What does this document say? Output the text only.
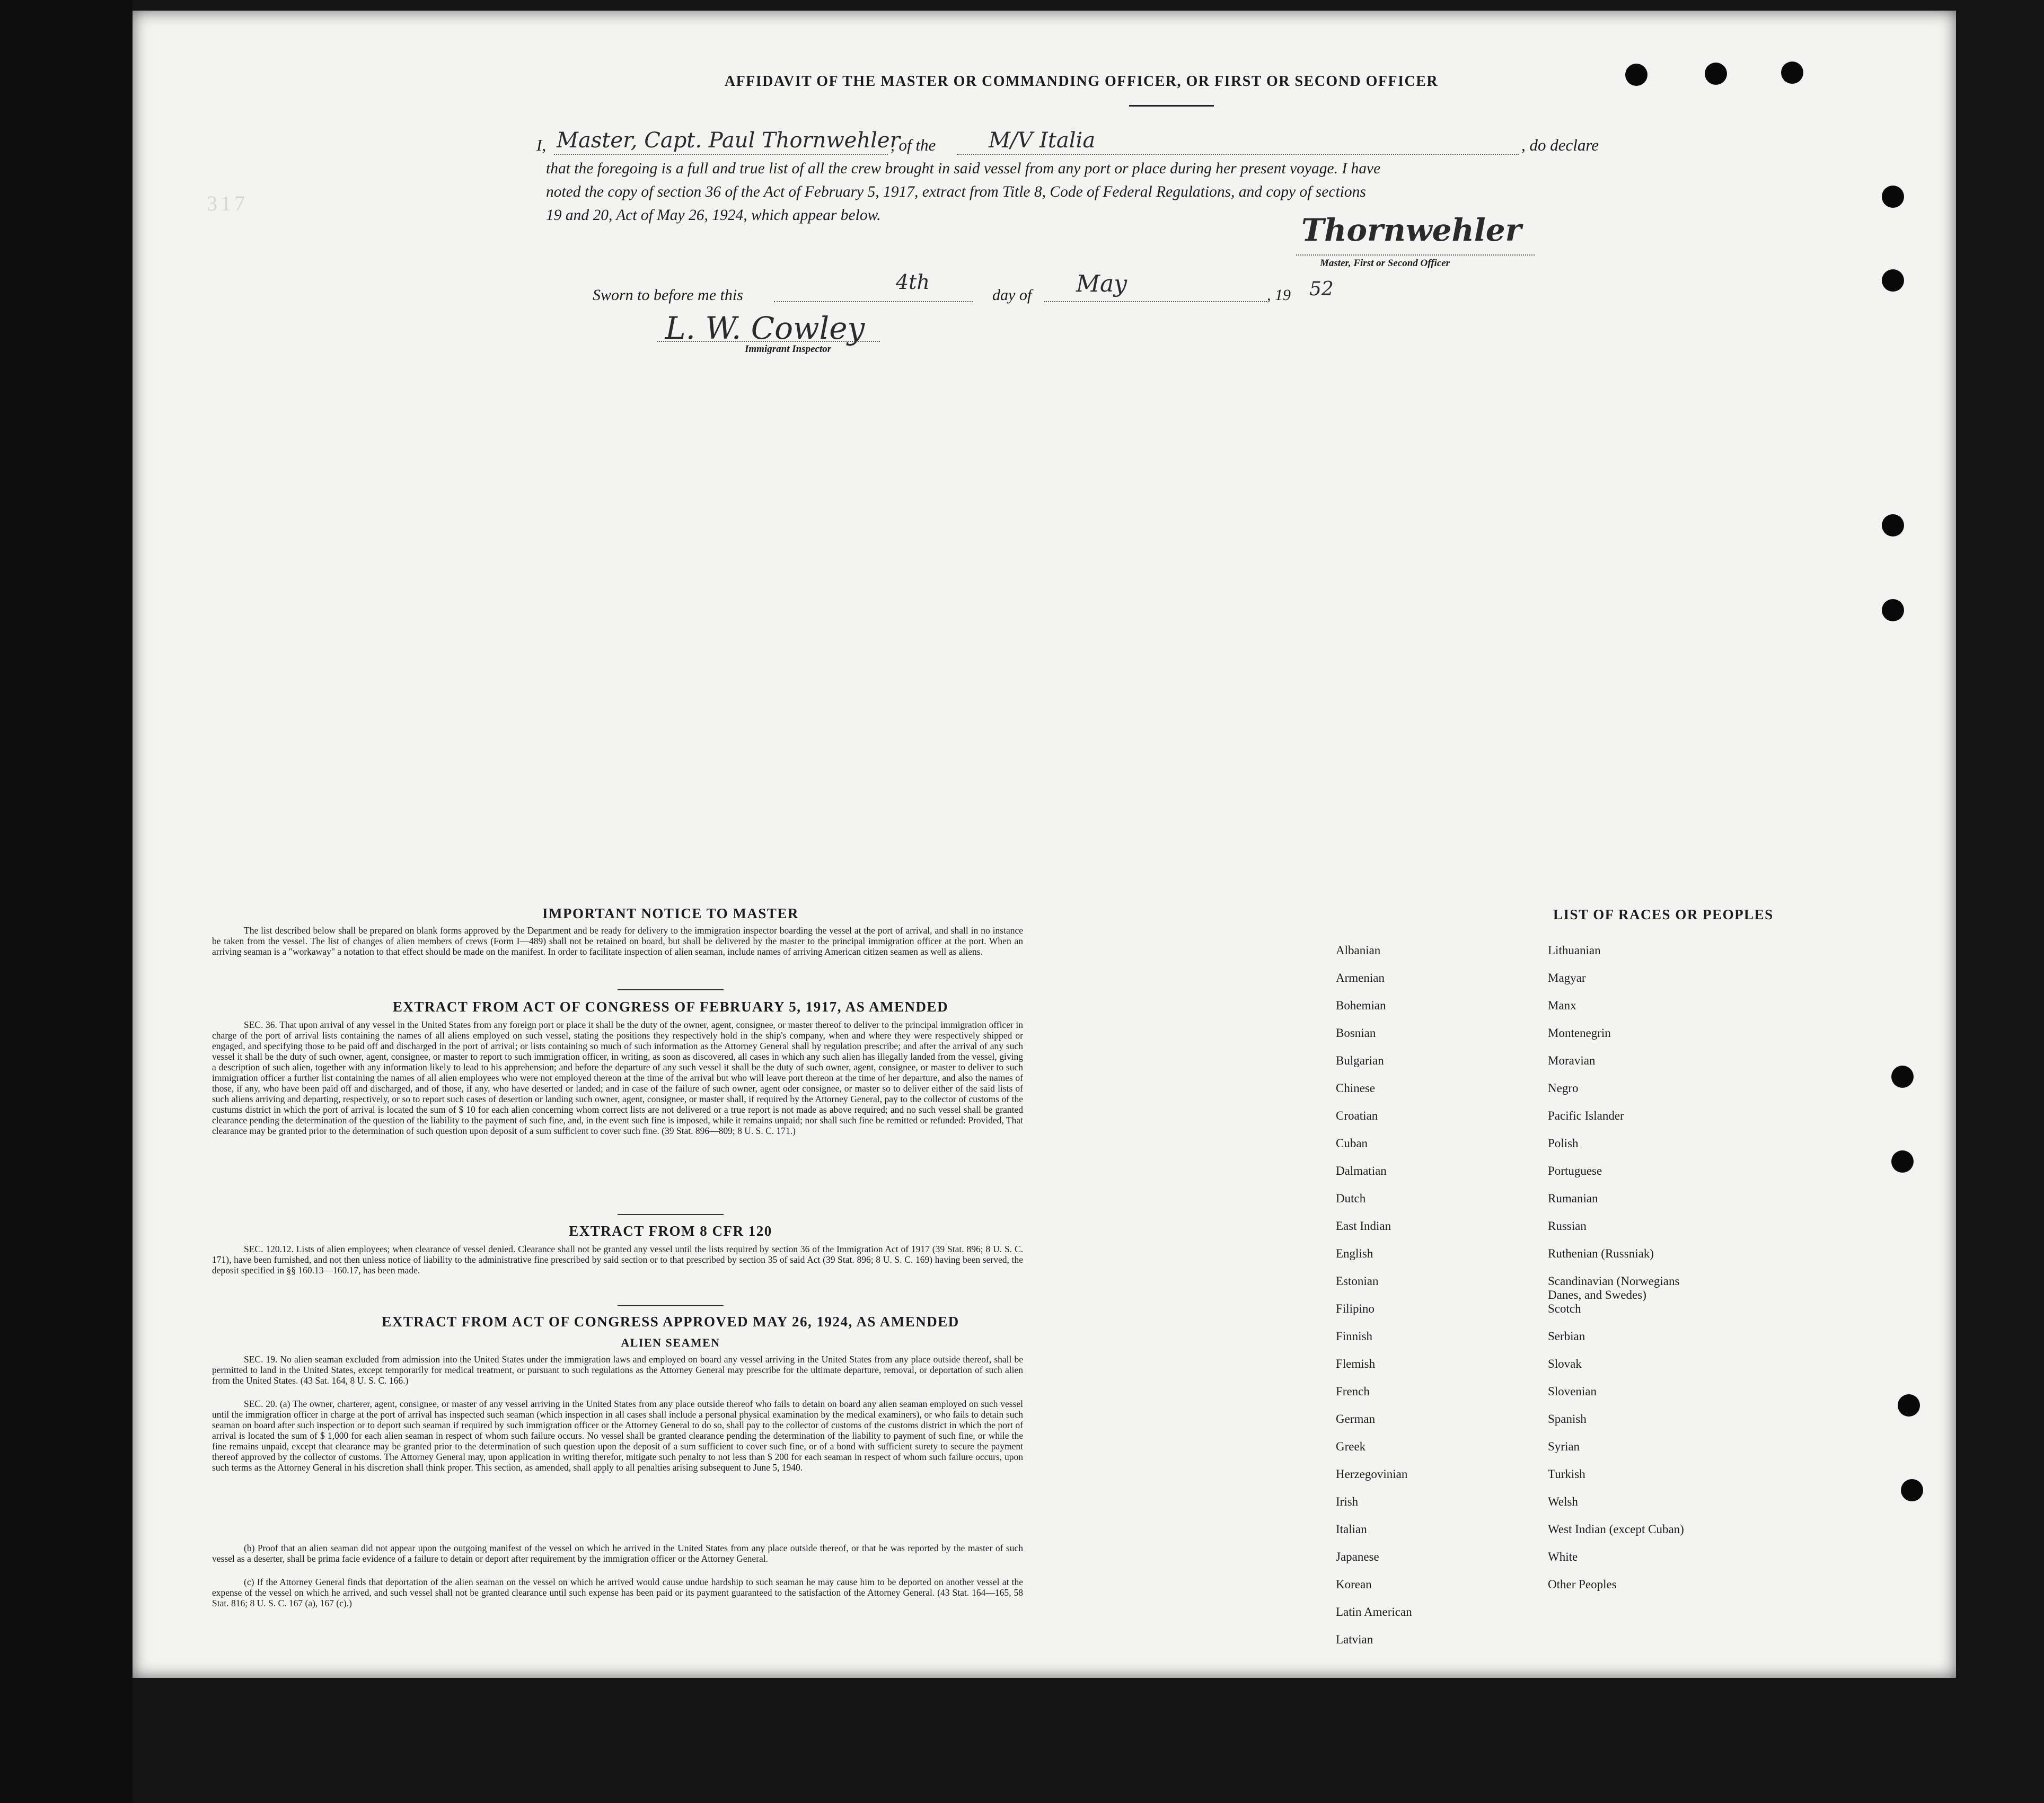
317
AFFIDAVIT OF THE MASTER OR COMMANDING OFFICER, OR FIRST OR SECOND OFFICER
I, Master, Capt. Paul Thornwehler
, of the M/V Italia	, do declare
that the foregoing is a full and true list of all the crew brought in said vessel from any port or place during her present voyage. I have
noted the copy of section 36 of the Act of February 5, 1917, extract from Title 8, Code of Federal Regulations, and copy of sections
19 and 20, Act of May 26, 1924, which appear below.	Thornwehler
Master, First or Second Officer
Sworn to before me this
4th
day of May	, 19 52
L. W. Cowley
Immigrant Inspector
IMPORTANT NOTICE TO MASTER

The list described below shall be prepared on blank forms approved by the Department and be ready for delivery to the immigration inspector boarding the vessel at the port of arrival, and shall in no instance be taken from the vessel. The list of changes of alien members of crews (Form I—489) shall not be retained on board, but shall be delivered by the master to the principal immigration officer at the port. When an arriving seaman is a "workaway" a notation to that effect should be made on the manifest. In order to facilitate inspection of alien seaman, include names of arriving American citizen seamen as well as aliens.

EXTRACT FROM ACT OF CONGRESS OF FEBRUARY 5, 1917, AS AMENDED

SEC. 36. That upon arrival of any vessel in the United States from any foreign port or place it shall be the duty of the owner, agent, consignee, or master thereof to deliver to the principal immigration officer in charge of the port of arrival lists containing the names of all aliens employed on such vessel, stating the positions they respectively hold in the ship's company, when and where they were respectively shipped or engaged, and specifying those to be paid off and discharged in the port of arrival; or lists containing so much of such information as the Attorney General shall by regulation prescribe; and after the arrival of any such vessel it shall be the duty of such owner, agent, consignee, or master to report to such immigration officer, in writing, as soon as discovered, all cases in which any such alien has illegally landed from the vessel, giving a description of such alien, together with any information likely to lead to his apprehension; and before the departure of any such vessel it shall be the duty of such owner, agent, consignee, or master to deliver to such immigration officer a further list containing the names of all alien employees who were not employed thereon at the time of the arrival but who will leave port thereon at the time of her departure, and also the names of those, if any, who have been paid off and discharged, and of those, if any, who have deserted or landed; and in case of the failure of such owner, agent oder consignee, or master so to deliver either of the said lists of such aliens arriving and departing, respectively, or so to report such cases of desertion or landing such owner, agent, consignee, or master shall, if required by the Attorney General, pay to the collector of customs of the custums district in which the port of arrival is located the sum of $ 10 for each alien concerning whom correct lists are not delivered or a true report is not made as above required; and no such vessel shall be granted clearance pending the determination of the question of the liability to the payment of such fine, and, in the event such fine is imposed, while it remains unpaid; nor shall such fine be remitted or refunded: Provided, That clearance may be granted prior to the determination of such question upon deposit of a sum sufficient to cover such fine. (39 Stat. 896—809; 8 U. S. C. 171.)

EXTRACT FROM 8 CFR 120

SEC. 120.12. Lists of alien employees; when clearance of vessel denied. Clearance shall not be granted any vessel until the lists required by section 36 of the Immigration Act of 1917 (39 Stat. 896; 8 U. S. C. 171), have been furnished, and not then unless notice of liability to the administrative fine prescribed by said section or to that prescribed by section 35 of said Act (39 Stat. 896; 8 U. S. C. 169) having been served, the deposit specified in §§ 160.13—160.17, has been made.

EXTRACT FROM ACT OF CONGRESS APPROVED MAY 26, 1924, AS AMENDED
ALIEN SEAMEN

SEC. 19. No alien seaman excluded from admission into the United States under the immigration laws and employed on board any vessel arriving in the United States from any place outside thereof, shall be permitted to land in the United States, except temporarily for medical treatment, or pursuant to such regulations as the Attorney General may prescribe for the ultimate departure, removal, or deportation of such alien from the United States. (43 Sat. 164, 8 U. S. C. 166.)

SEC. 20. (a) The owner, charterer, agent, consignee, or master of any vessel arriving in the United States from any place outside thereof who fails to detain on board any alien seaman employed on such vessel until the immigration officer in charge at the port of arrival has inspected such seaman (which inspection in all cases shall include a personal physical examination by the medical examiners), or who fails to detain such seaman on board after such inspection or to deport such seaman if required by such immigration officer or the Attorney General to do so, shall pay to the collector of customs of the customs district in which the port of arrival is located the sum of $ 1,000 for each alien seaman in respect of whom such failure occurs. No vessel shall be granted clearance pending the determination of the liability to payment of such fine, or while the fine remains unpaid, except that clearance may be granted prior to the determination of such question upon the deposit of a sum sufficient to cover such fine, or of a bond with sufficient surety to secure the payment thereof approved by the collector of customs. The Attorney General may, upon application in writing therefor, mitigate such penalty to not less than $ 200 for each seaman in respect of whom such failure occurs, upon such terms as the Attorney General in his discretion shall think proper. This section, as amended, shall apply to all penalties arising subsequent to June 5, 1940.

(b) Proof that an alien seaman did not appear upon the outgoing manifest of the vessel on which he arrived in the United States from any place outside thereof, or that he was reported by the master of such vessel as a deserter, shall be prima facie evidence of a failure to detain or deport after requirement by the immigration officer or the Attorney General.

(c) If the Attorney General finds that deportation of the alien seaman on the vessel on which he arrived would cause undue hardship to such seaman he may cause him to be deported on another vessel at the expense of the vessel on which he arrived, and such vessel shall not be granted clearance until such expense has been paid or its payment guaranteed to the satisfaction of the Attorney General. (43 Stat. 164—165, 58 Stat. 816; 8 U. S. C. 167 (a), 167 (c).)

LIST OF RACES OR PEOPLES
Albanian
Armenian
Bohemian
Bosnian
Bulgarian
Chinese
Croatian
Cuban
Dalmatian
Dutch
East Indian
English
Estonian
Filipino
Finnish
Flemish
French
German
Greek
Herzegovinian
Irish
Italian
Japanese
Korean
Latin American
Latvian
Lithuanian
Magyar
Manx
Montenegrin
Moravian
Negro
Pacific Islander
Polish
Portuguese
Rumanian
Russian
Ruthenian (Russniak)
Scandinavian (Norwegians
Danes, and Swedes)
Scotch
Serbian
Slovak
Slovenian
Spanish
Syrian
Turkish
Welsh
West Indian (except Cuban)
White
Other Peoples
